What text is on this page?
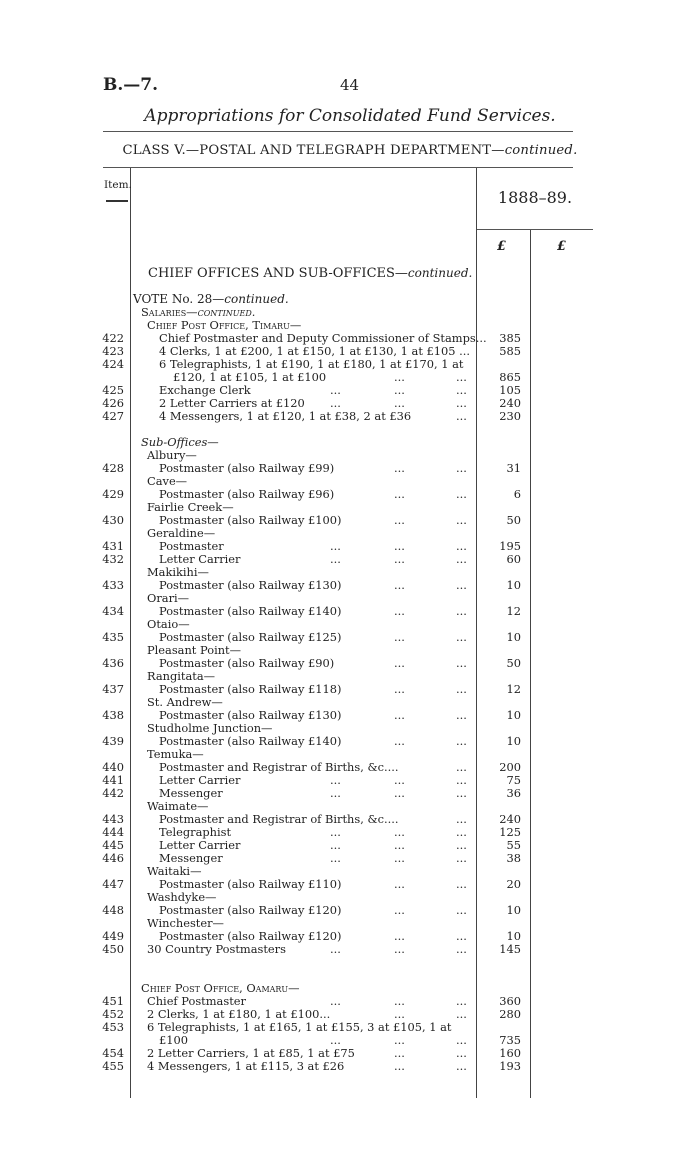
B.—7.	44
Appropriations for Consolidated Fund Services.
CLASS V.—POSTAL AND TELEGRAPH DEPARTMENT—continued.
Item.
1888–89.
£	£
CHIEF OFFICES AND SUB-OFFICES—continued.
VOTE No. 28—continued.
Salaries—continued.
Chief Post Office, Timaru—
422	Chief Postmaster and Deputy Commissioner of Stamps...	385
423	4 Clerks, 1 at £200, 1 at £150, 1 at £130, 1 at £105 ...	585
424	6 Telegraphists, 1 at £190, 1 at £180, 1 at £170, 1 at
£120, 1 at £105, 1 at £100	...	...	865
425	Exchange Clerk	...	...	...	105
426	2 Letter Carriers at £120 ...	...	...	240
427	4 Messengers, 1 at £120, 1 at £38, 2 at £36	...	230
Sub-Offices—
Albury—
428	Postmaster (also Railway £99)	...	...	31
Cave—
429	Postmaster (also Railway £96)	...	...	6
Fairlie Creek—
430	Postmaster (also Railway £100)	...	...	50
Geraldine—
431	Postmaster	...	...	...	195
432	Letter Carrier	...	...	...	60
Makikihi—
433	Postmaster (also Railway £130)	...	...	10
Orari—
434	Postmaster (also Railway £140)	...	...	12
Otaio—
435	Postmaster (also Railway £125)	...	...	10
Pleasant Point—
436	Postmaster (also Railway £90)	...	...	50
Rangitata—
437	Postmaster (also Railway £118)	...	...	12
St. Andrew—
438	Postmaster (also Railway £130)	...	...	10
Studholme Junction—
439	Postmaster (also Railway £140)	...	...	10
Temuka—
440	Postmaster and Registrar of Births, &c....	...	200
441	Letter Carrier	...	...	...	75
442	Messenger	...	...	...	36
Waimate—
443	Postmaster and Registrar of Births, &c....	...	240
444	Telegraphist	...	...	...	125
445	Letter Carrier	...	...	...	55
446	Messenger	...	...	...	38
Waitaki—
447	Postmaster (also Railway £110)	...	...	20
Washdyke—
448	Postmaster (also Railway £120)	...	...	10
Winchester—
449	Postmaster (also Railway £120)	...	...	10
450 30 Country Postmasters	...	...	...	145
Chief Post Office, Oamaru—
451 Chief Postmaster	...	...	...	360
452 2 Clerks, 1 at £180, 1 at £100...	...	...	280
453 6 Telegraphists, 1 at £165, 1 at £155, 3 at £105, 1 at
£100	...	...	...	735
454 2 Letter Carriers, 1 at £85, 1 at £75	...	...	160
455 4 Messengers, 1 at £115, 3 at £26	...	...	193
